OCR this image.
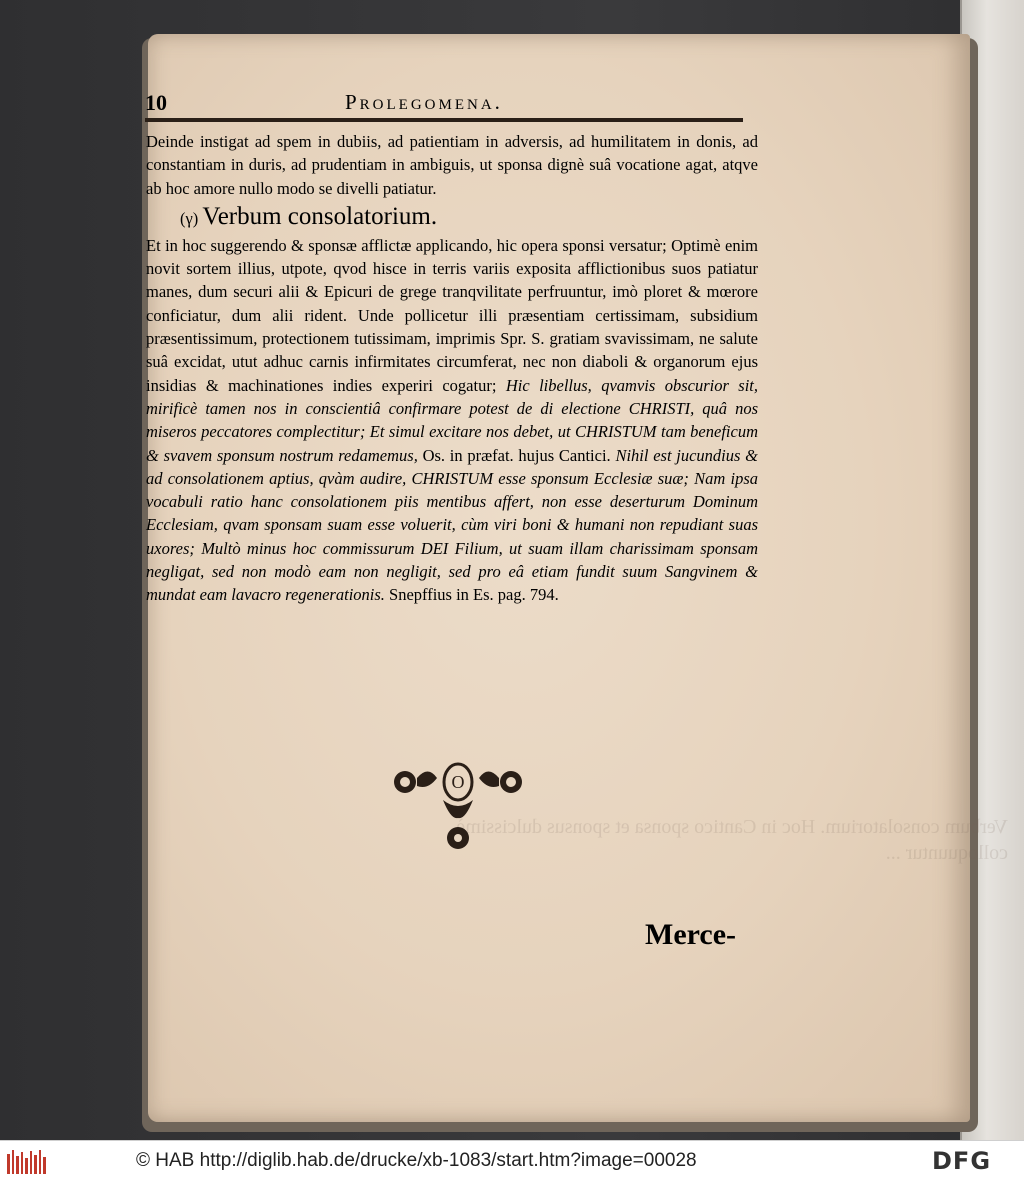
Verbum consolatorium. Hoc in Cantico sponsa et sponsus dulcissimè colloquuntur ...
10	Prolegomena.

Deinde instigat ad spem in dubiis, ad patientiam in adversis, ad humilitatem in donis, ad constantiam in duris, ad prudentiam in ambiguis, ut sponsa dignè suâ vocatione agat, atqve ab hoc amore nullo modo se divelli patiatur.

(γ) Verbum consolatorium.

Et in hoc suggerendo & sponsæ afflictæ applicando, hic opera sponsi versatur; Optimè enim novit sortem illius, utpote, qvod hisce in terris variis exposita afflictionibus suos patiatur manes, dum securi alii & Epicuri de grege tranqvilitate perfruuntur, imò ploret & mœrore conficiatur, dum alii rident. Unde pollicetur illi præsentiam certissimam, subsidium præsentissimum, protectionem tutissimam, imprimis Spr. S. gratiam svavissimam, ne salute suâ excidat, utut adhuc carnis infirmitates circumferat, nec non diaboli & organorum ejus insidias & machinationes indies experiri cogatur; Hic libellus, qvamvis obscurior sit, mirificè tamen nos in conscientiâ confirmare potest de di electione CHRISTI, quâ nos miseros peccatores complectitur; Et simul excitare nos debet, ut CHRISTUM tam beneficum & svavem sponsum nostrum redamemus, Os. in præfat. hujus Cantici. Nihil est jucundius & ad consolationem aptius, qvàm audire, CHRISTUM esse sponsum Ecclesiæ suæ; Nam ipsa vocabuli ratio hanc consolationem piis mentibus affert, non esse deserturum Dominum Ecclesiam, qvam sponsam suam esse voluerit, cùm viri boni & humani non repudiant suas uxores; Multò minus hoc commissurum DEI Filium, ut suam illam charissimam sponsam negligat, sed non modò eam non negligit, sed pro eâ etiam fundit suum Sangvinem & mundat eam lavacro regenerationis. Snepffius in Es. pag. 794.

O
Merce-
© HAB http://diglib.hab.de/drucke/xb-1083/start.htm?image=00028	DFG
